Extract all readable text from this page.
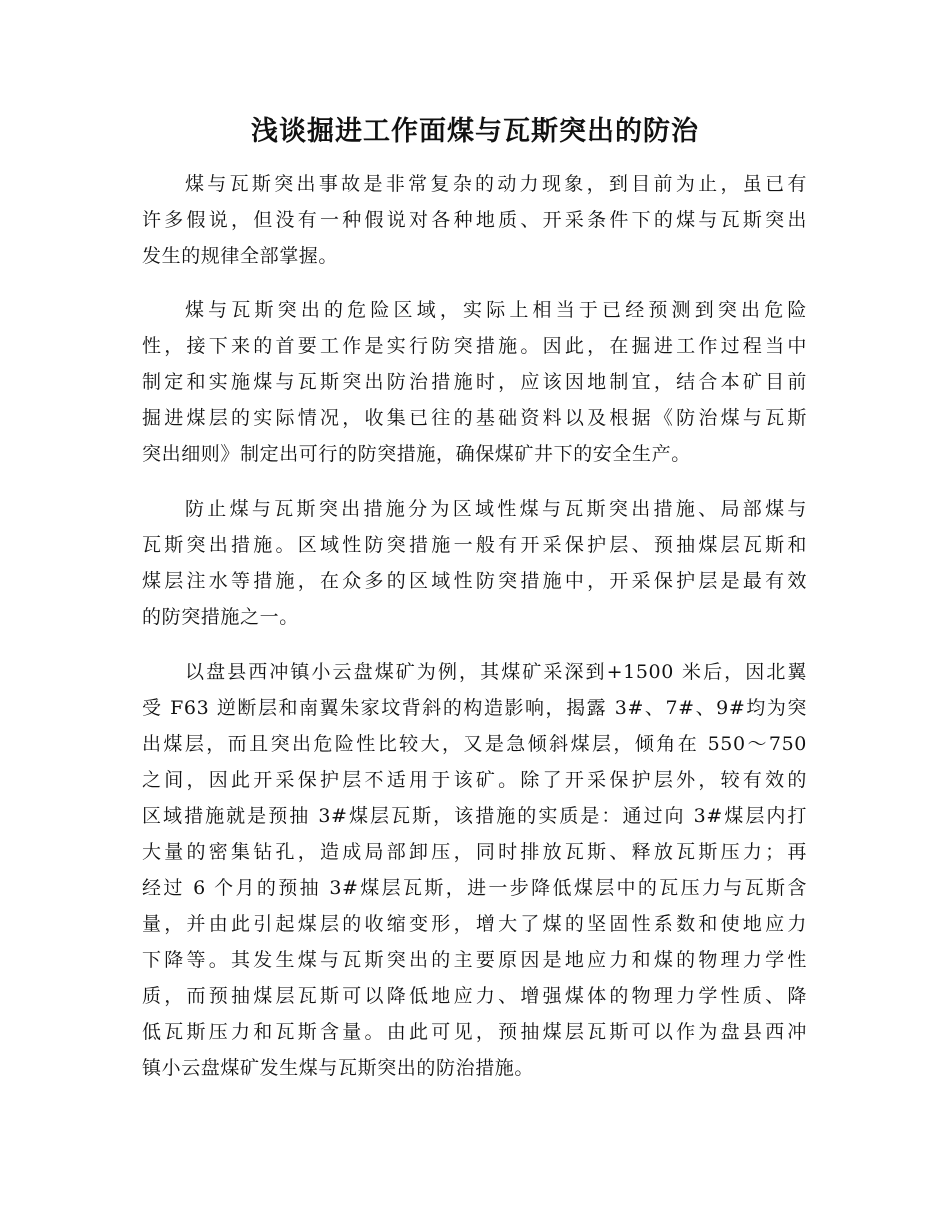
浅谈掘进工作面煤与瓦斯突出的防治
煤与瓦斯突出事故是非常复杂的动力现象，到目前为止，虽已有
许多假说，但没有一种假说对各种地质、开采条件下的煤与瓦斯突出
发生的规律全部掌握。
煤与瓦斯突出的危险区域，实际上相当于已经预测到突出危险
性，接下来的首要工作是实行防突措施。因此，在掘进工作过程当中
制定和实施煤与瓦斯突出防治措施时，应该因地制宜，结合本矿目前
掘进煤层的实际情况，收集已往的基础资料以及根据《防治煤与瓦斯
突出细则》制定出可行的防突措施，确保煤矿井下的安全生产。
防止煤与瓦斯突出措施分为区域性煤与瓦斯突出措施、局部煤与
瓦斯突出措施。区域性防突措施一般有开采保护层、预抽煤层瓦斯和
煤层注水等措施，在众多的区域性防突措施中，开采保护层是最有效
的防突措施之一。
以盘县西冲镇小云盘煤矿为例，其煤矿采深到+1500 米后，因北翼
受 F63 逆断层和南翼朱家坟背斜的构造影响，揭露 3#、7#、9#均为突
出煤层，而且突出危险性比较大，又是急倾斜煤层，倾角在 550～750
之间，因此开采保护层不适用于该矿。除了开采保护层外，较有效的
区域措施就是预抽 3#煤层瓦斯，该措施的实质是：通过向 3#煤层内打
大量的密集钻孔，造成局部卸压，同时排放瓦斯、释放瓦斯压力；再
经过 6 个月的预抽 3#煤层瓦斯，进一步降低煤层中的瓦压力与瓦斯含
量，并由此引起煤层的收缩变形，增大了煤的坚固性系数和使地应力
下降等。其发生煤与瓦斯突出的主要原因是地应力和煤的物理力学性
质，而预抽煤层瓦斯可以降低地应力、增强煤体的物理力学性质、降
低瓦斯压力和瓦斯含量。由此可见，预抽煤层瓦斯可以作为盘县西冲
镇小云盘煤矿发生煤与瓦斯突出的防治措施。
